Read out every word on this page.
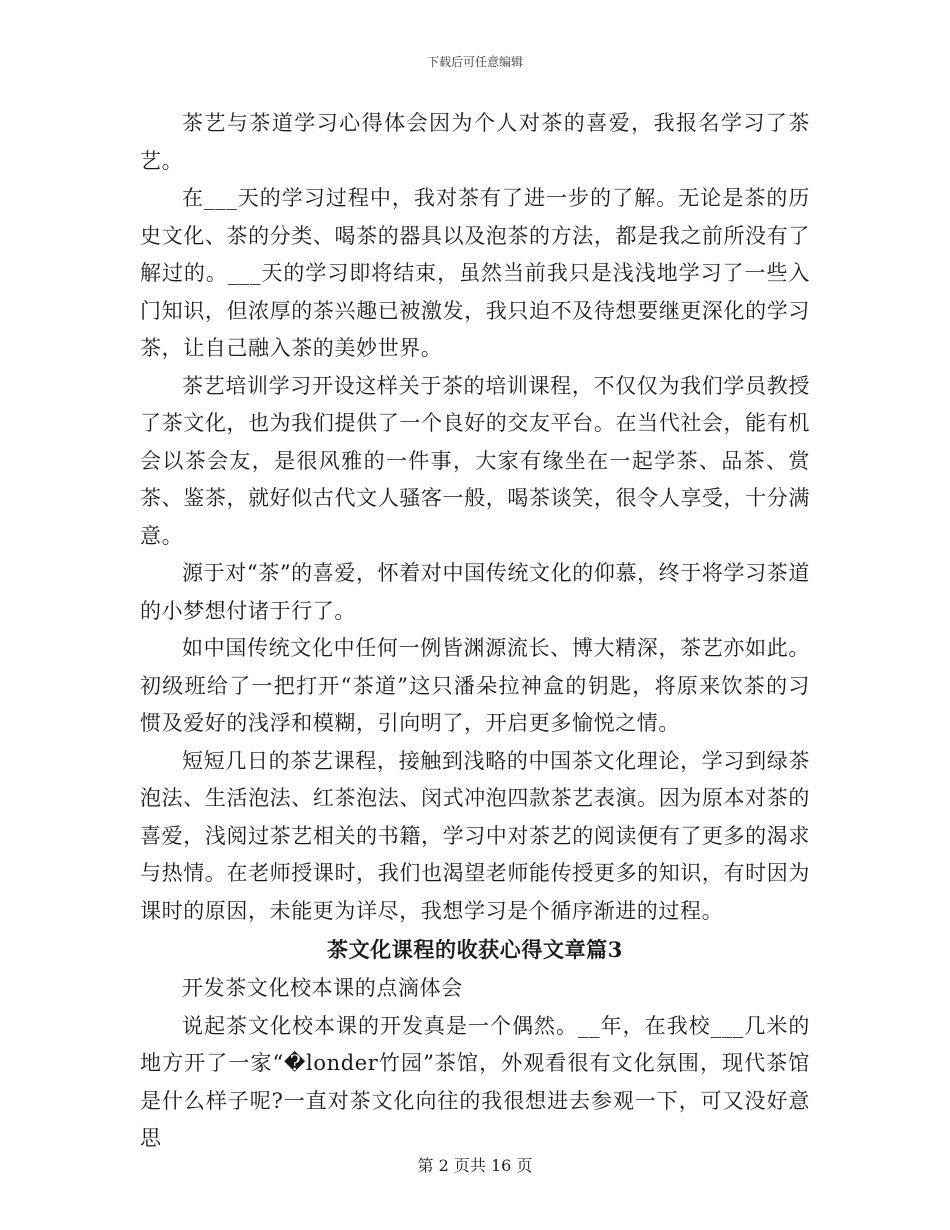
下载后可任意编辑

茶艺与茶道学习心得体会因为个人对茶的喜爱，我报名学习了茶艺。

在___天的学习过程中，我对茶有了进一步的了解。无论是茶的历史文化、茶的分类、喝茶的器具以及泡茶的方法，都是我之前所没有了解过的。___天的学习即将结束，虽然当前我只是浅浅地学习了一些入门知识，但浓厚的茶兴趣已被激发，我只迫不及待想要继更深化的学习茶，让自己融入茶的美妙世界。

茶艺培训学习开设这样关于茶的培训课程，不仅仅为我们学员教授了茶文化，也为我们提供了一个良好的交友平台。在当代社会，能有机会以茶会友，是很风雅的一件事，大家有缘坐在一起学茶、品茶、赏茶、鉴茶，就好似古代文人骚客一般，喝茶谈笑，很令人享受，十分满意。

源于对“茶”的喜爱，怀着对中国传统文化的仰慕，终于将学习茶道的小梦想付诸于行了。

如中国传统文化中任何一例皆渊源流长、博大精深，茶艺亦如此。初级班给了一把打开“茶道”这只潘朵拉神盒的钥匙，将原来饮茶的习惯及爱好的浅浮和模糊，引向明了，开启更多愉悦之情。

短短几日的茶艺课程，接触到浅略的中国茶文化理论，学习到绿茶泡法、生活泡法、红茶泡法、闵式冲泡四款茶艺表演。因为原本对茶的喜爱，浅阅过茶艺相关的书籍，学习中对茶艺的阅读便有了更多的渴求与热情。在老师授课时，我们也渴望老师能传授更多的知识，有时因为课时的原因，未能更为详尽，我想学习是个循序渐进的过程。

茶文化课程的收获心得文章篇3

开发茶文化校本课的点滴体会

说起茶文化校本课的开发真是一个偶然。__年，在我校___几米的地方开了一家“�londer竹园”茶馆，外观看很有文化氛围，现代茶馆是什么样子呢?一直对茶文化向往的我很想进去参观一下，可又没好意思

第 2 页共 16 页
